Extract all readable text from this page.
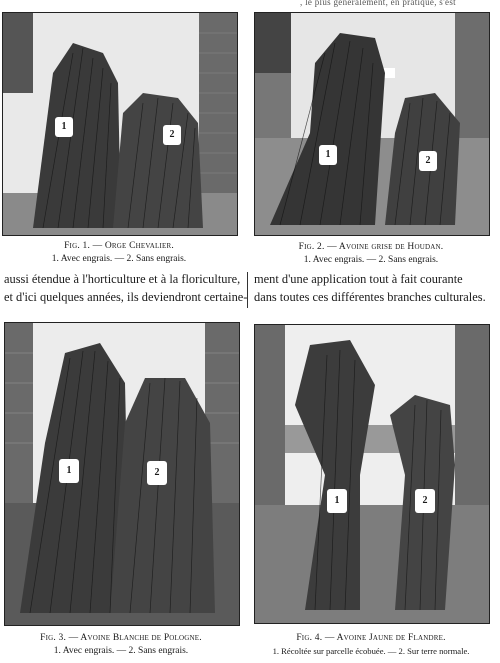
, le plus généralement, en pratique, s'est
1
2
Fig. 1. — Orge Chevalier.
1. Avec engrais. — 2. Sans engrais.
1
2
Fig. 2. — Avoine grise de Houdan.
1. Avec engrais. — 2. Sans engrais.
aussi étendue à l'horticulture et à la floriculture,
et d'ici quelques années, ils deviendront certaine-
ment d'une application tout à fait courante
dans toutes ces différentes branches culturales.
1	2
Fig. 3. — Avoine Blanche de Pologne.
1. Avec engrais. — 2. Sans engrais.
1	2
Fig. 4. — Avoine Jaune de Flandre.
1. Récoltée sur parcelle écobuée. — 2. Sur terre normale.
